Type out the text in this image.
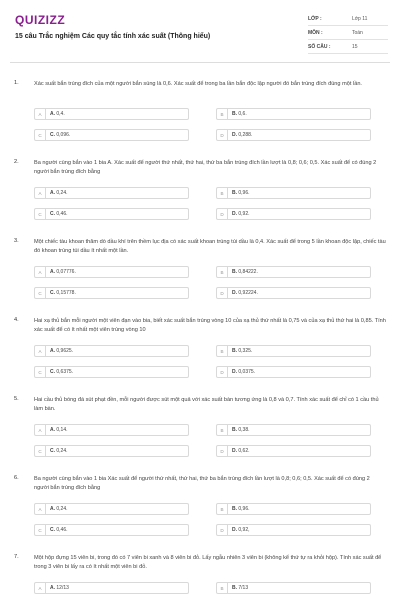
QUIZIZZ
15 câu Trắc nghiệm Các quy tắc tính xác suất (Thông hiểu)
LỚP :	Lớp 11
MÔN :	Toán
SỐ CÂU :	15
1.	Xác suất bắn trúng đích của một người bắn súng là 0,6. Xác suất để trong ba lần bắn độc lập người đó bắn trúng đích đúng một lần.
A	A. 0,4.	B	B. 0,6.
C	C. 0,096.	D	D. 0,288.
2.	Ba người cùng bắn vào 1 bia A. Xác suất để người thứ nhất, thứ hai, thứ ba bắn trúng đích lần lượt là 0,8; 0,6; 0,5. Xác suất để có đúng 2 người bắn trúng đích bằng
A	A. 0,24.	B	B. 0,96.
C	C. 0,46.	D	D. 0,92.
3.	Một chiếc tàu khoan thăm dò dầu khí trên thềm lục địa có xác suất khoan trúng túi dầu là 0,4. Xác suất để trong 5 lần khoan độc lập, chiếc tàu đó khoan trúng túi dầu ít nhất một lần.
A	A. 0,07776.	B	B. 0,84222.
C	C. 0,15778.	D	D. 0,92224.
4.	Hai xạ thủ bắn mỗi người một viên đạn vào bia, biết xác suất bắn trúng vòng 10 của xạ thủ thứ nhất là 0,75 và của xạ thủ thứ hai là 0,85. Tính xác suất để có ít nhất một viên trúng vòng 10
A	A. 0,9625.	B	B. 0,325.
C	C. 0,6375.	D	D. 0,0375.
5.	Hai cầu thủ bóng đá sút phạt đền, mỗi người được sút một quả với xác suất bàn tương ứng là 0,8 và 0,7. Tính xác suất để chỉ có 1 cầu thủ làm bàn.
A	A. 0,14.	B	B. 0,38.
C	C. 0,24.	D	D. 0,62.
6.	Ba người cùng bắn vào 1 bia Xác suất để người thứ nhất, thứ hai, thứ ba bắn trúng đích lần lượt là 0,8; 0,6; 0,5. Xác suất để có đúng 2 người bắn trúng đích bằng
A	A. 0,24.	B	B. 0,96.
C	C. 0,46.	D	D. 0,92,
7.	Một hộp đựng 15 viên bi, trong đó có 7 viên bi xanh và 8 viên bi đỏ. Lấy ngẫu nhiên 3 viên bi (không kể thứ tự ra khỏi hộp). Tính xác suất để trong 3 viên bi lấy ra có ít nhất một viên bi đỏ.
A	A. 12/13	B	B. 7/13
